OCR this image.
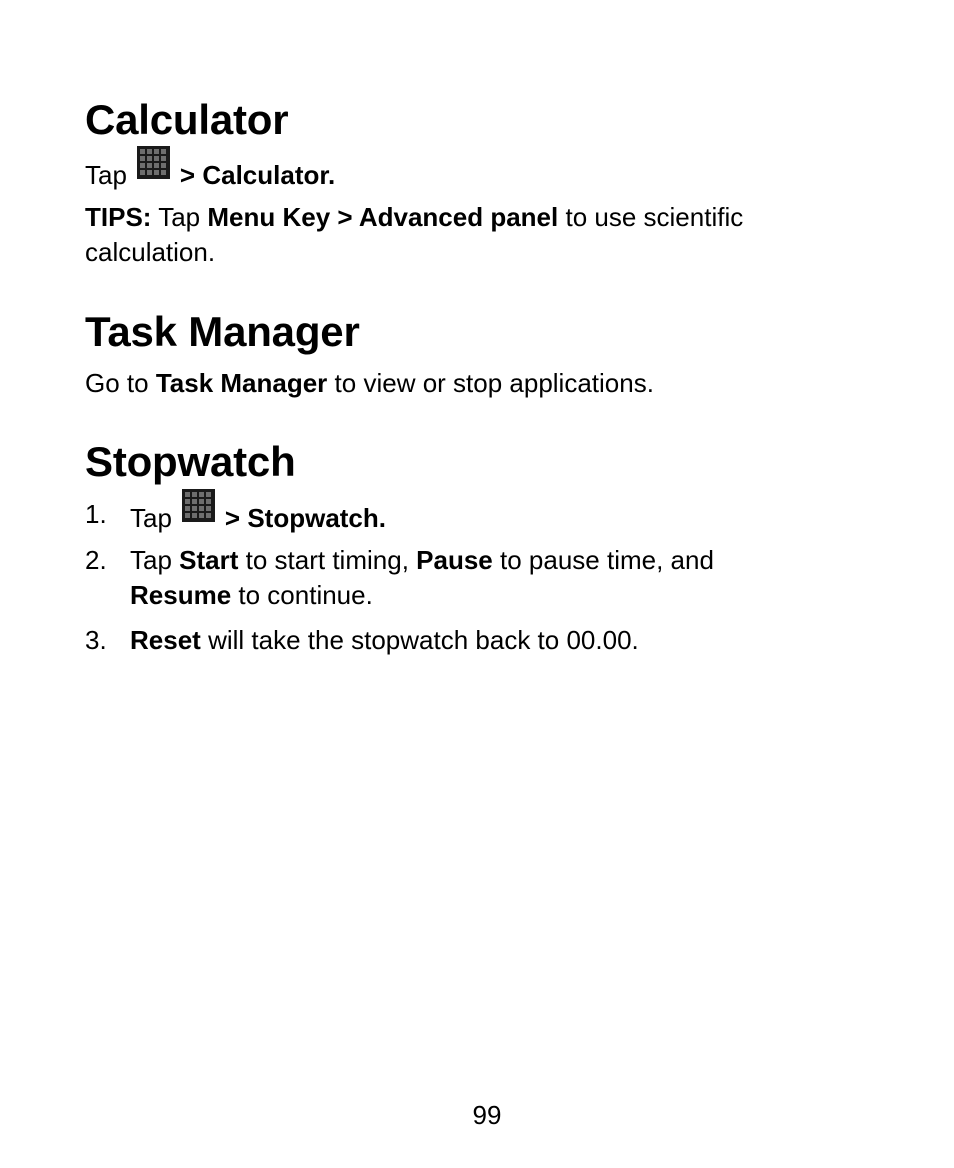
Calculator

Tap > Calculator.

TIPS: Tap Menu Key > Advanced panel to use scientific
calculation.

Task Manager

Go to Task Manager to view or stop applications.

Stopwatch
1. Tap > Stopwatch.
2. Tap Start to start timing, Pause to pause time, and
Resume to continue.
3. Reset will take the stopwatch back to 00.00.
99
